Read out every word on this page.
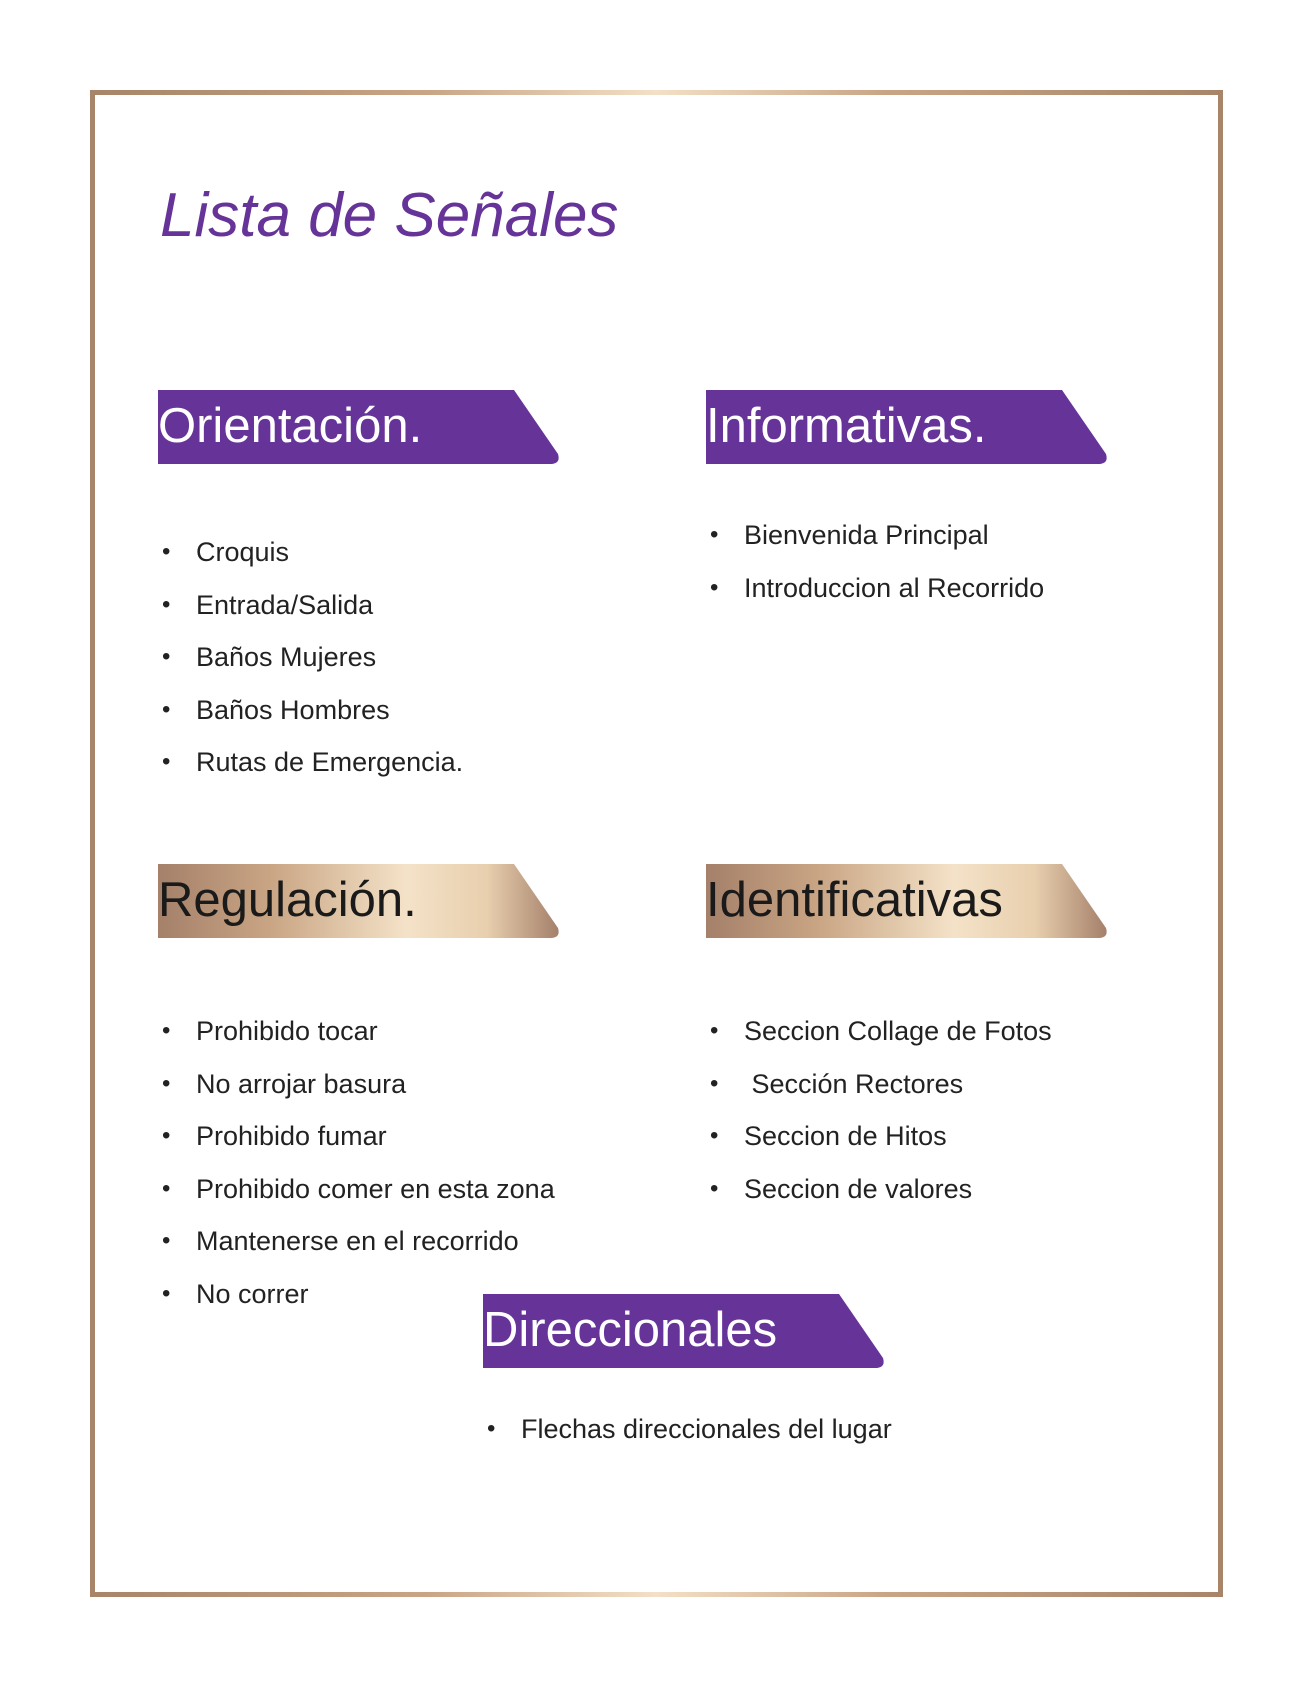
Lista de Señales
Orientación.
• Croquis
• Entrada/Salida
• Baños Mujeres
• Baños Hombres
• Rutas de Emergencia.
Informativas.
• Bienvenida Principal
• Introduccion al Recorrido
Regulación.
• Prohibido tocar
• No arrojar basura
• Prohibido fumar
• Prohibido comer en esta zona
• Mantenerse en el recorrido
• No correr
Identificativas
• Seccion Collage de Fotos
•  Sección Rectores
• Seccion de Hitos
• Seccion de valores
Direccionales
• Flechas direccionales del lugar
